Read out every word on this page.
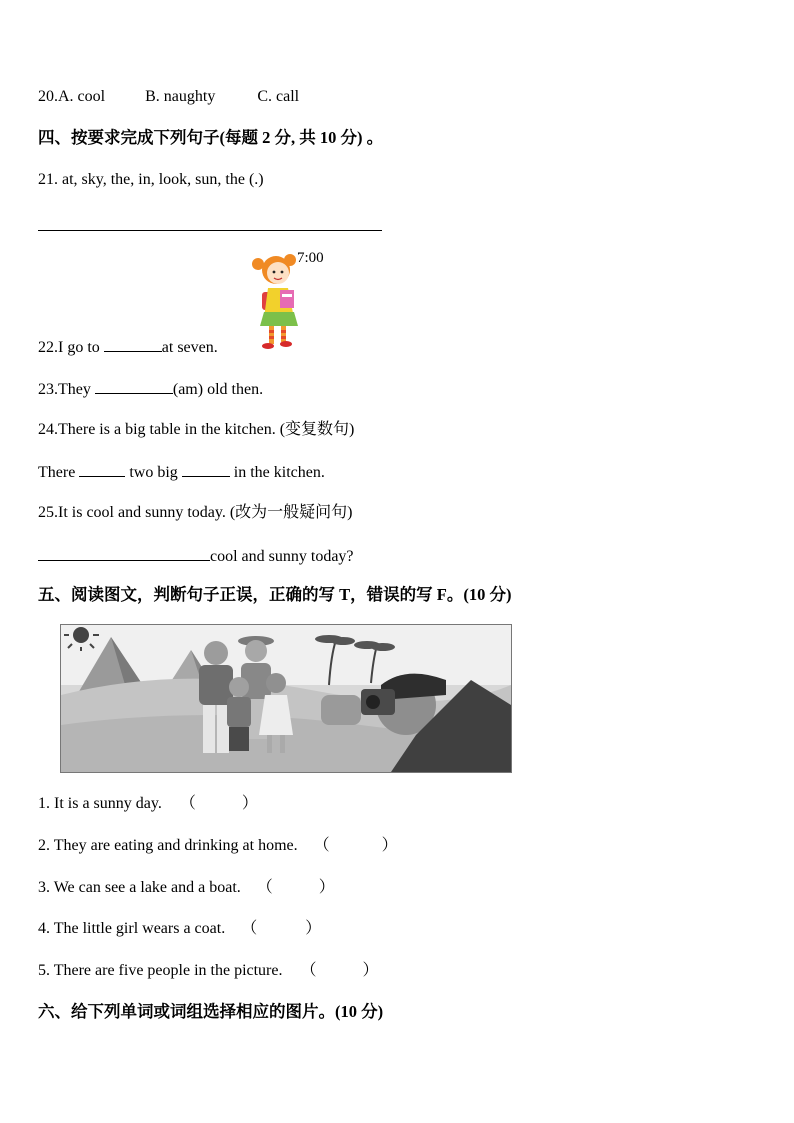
20.A. cool	B. naughty	C. call
四、按要求完成下列句子(每题 2 分, 共 10 分) 。
21. at, sky, the, in, look, sun, the (.)
7:00
22.I go to	at seven.
23.They	(am) old then.
24.There is a big table in the kitchen. (变复数句)
There	two big	in the kitchen.
25.It is cool and sunny today. (改为一般疑问句)
cool and sunny today?
五、阅读图文，判断句子正误，正确的写 T，错误的写 F。(10 分)
1. It is a sunny day. （	）
2. They are eating and drinking at home. （	）
3. We can see a lake and a boat. （	）
4. The little girl wears a coat. （	）
5. There are five people in the picture. （	）
六、给下列单词或词组选择相应的图片。(10 分)
